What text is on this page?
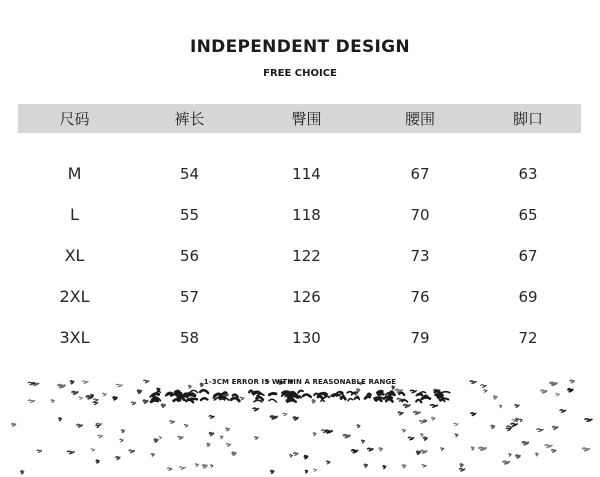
INDEPENDENT DESIGN
FREE CHOICE
尺码	裤长	臀围	腰围	脚口
M	54	114	67	63
L	55	118	70	65
XL	56	122	73	67
2XL	57	126	76	69
3XL	58	130	79	72
1-3CM ERROR IS WITHIN A REASONABLE RANGE
